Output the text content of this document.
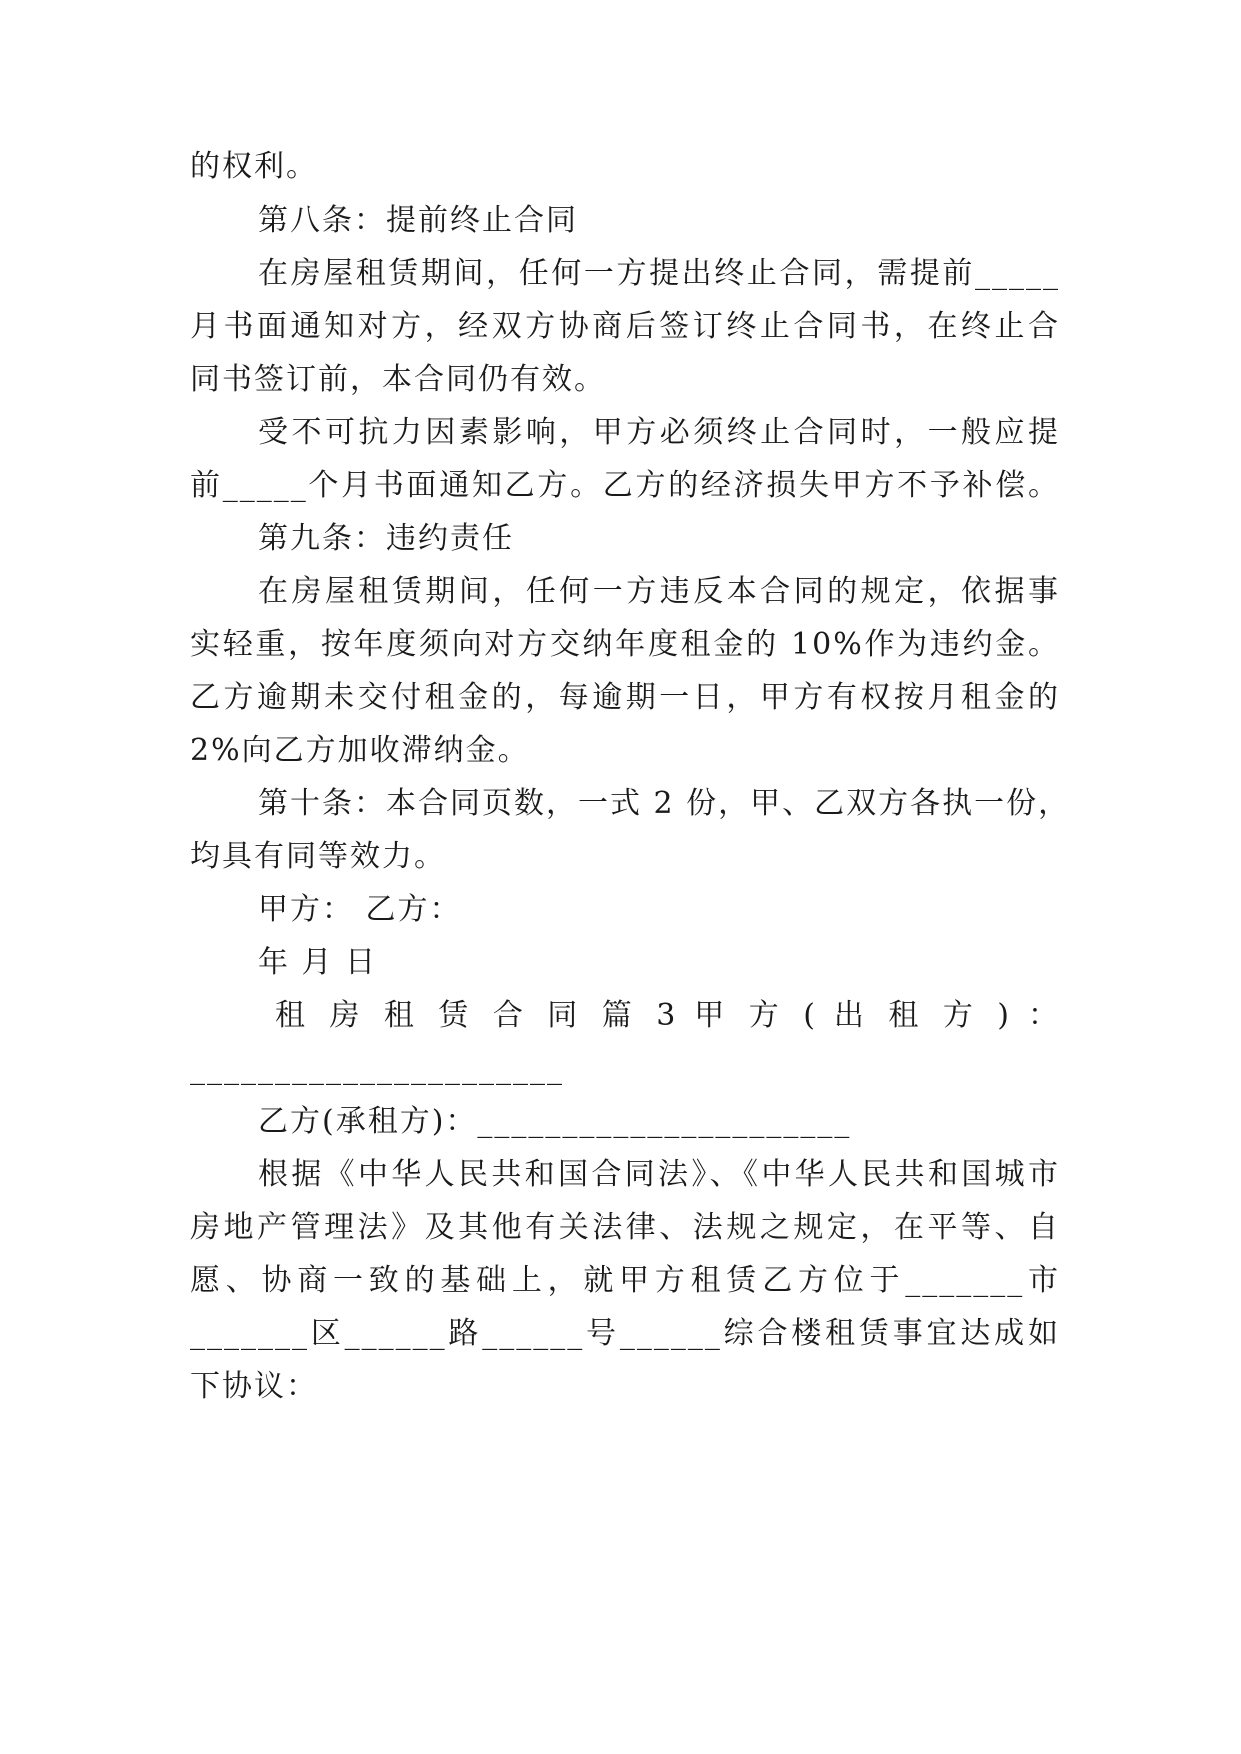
的权利。
第八条：提前终止合同
在房屋租赁期间，任何一方提出终止合同，需提前_____
月书面通知对方，经双方协商后签订终止合同书，在终止合
同书签订前，本合同仍有效。
受不可抗力因素影响，甲方必须终止合同时，一般应提
前_____个月书面通知乙方。乙方的经济损失甲方不予补偿。
第九条：违约责任
在房屋租赁期间，任何一方违反本合同的规定，依据事
实轻重，按年度须向对方交纳年度租金的 10%作为违约金。
乙方逾期未交付租金的，每逾期一日，甲方有权按月租金的
2%向乙方加收滞纳金。
第十条：本合同页数，一式 2 份，甲、乙双方各执一份，
均具有同等效力。
甲方： 乙方：
年 月 日
租 房 租 赁 合 同 篇 3 甲 方 ( 出 租 方 ) ：
______________________
乙方(承租方)：______________________
根据《中华人民共和国合同法》、《中华人民共和国城市
房地产管理法》及其他有关法律、法规之规定，在平等、自
愿、协商一致的基础上，就甲方租赁乙方位于_______市
_______区______路______号______综合楼租赁事宜达成如
下协议：
